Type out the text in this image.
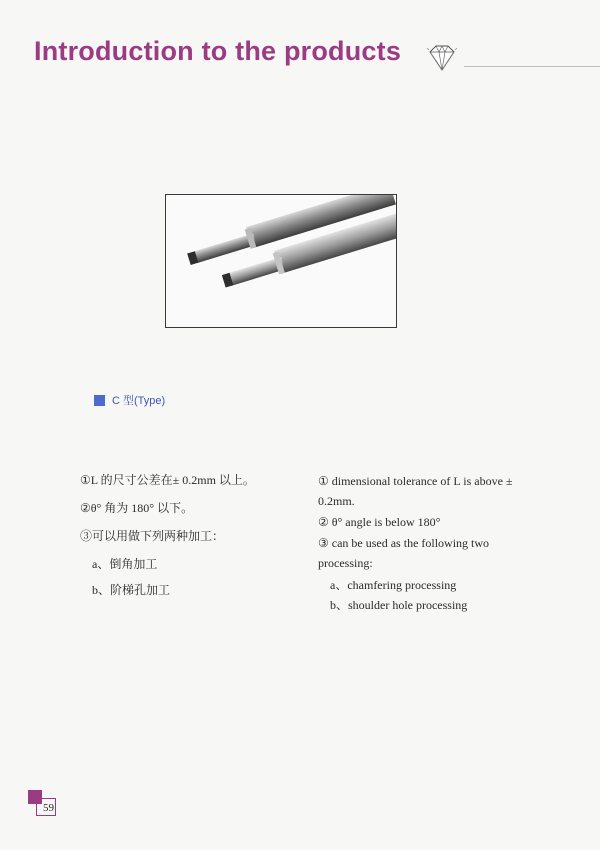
Introduction to the products
C 型(Type)
①L 的尺寸公差在± 0.2mm 以上。
②θ° 角为 180° 以下。
③可以用做下列两种加工：
a、倒角加工
b、阶梯孔加工
① dimensional tolerance of L is above ±
0.2mm.
② θ° angle is below 180°
③ can be used as the following two
processing:
a、chamfering processing
b、shoulder hole processing
59
